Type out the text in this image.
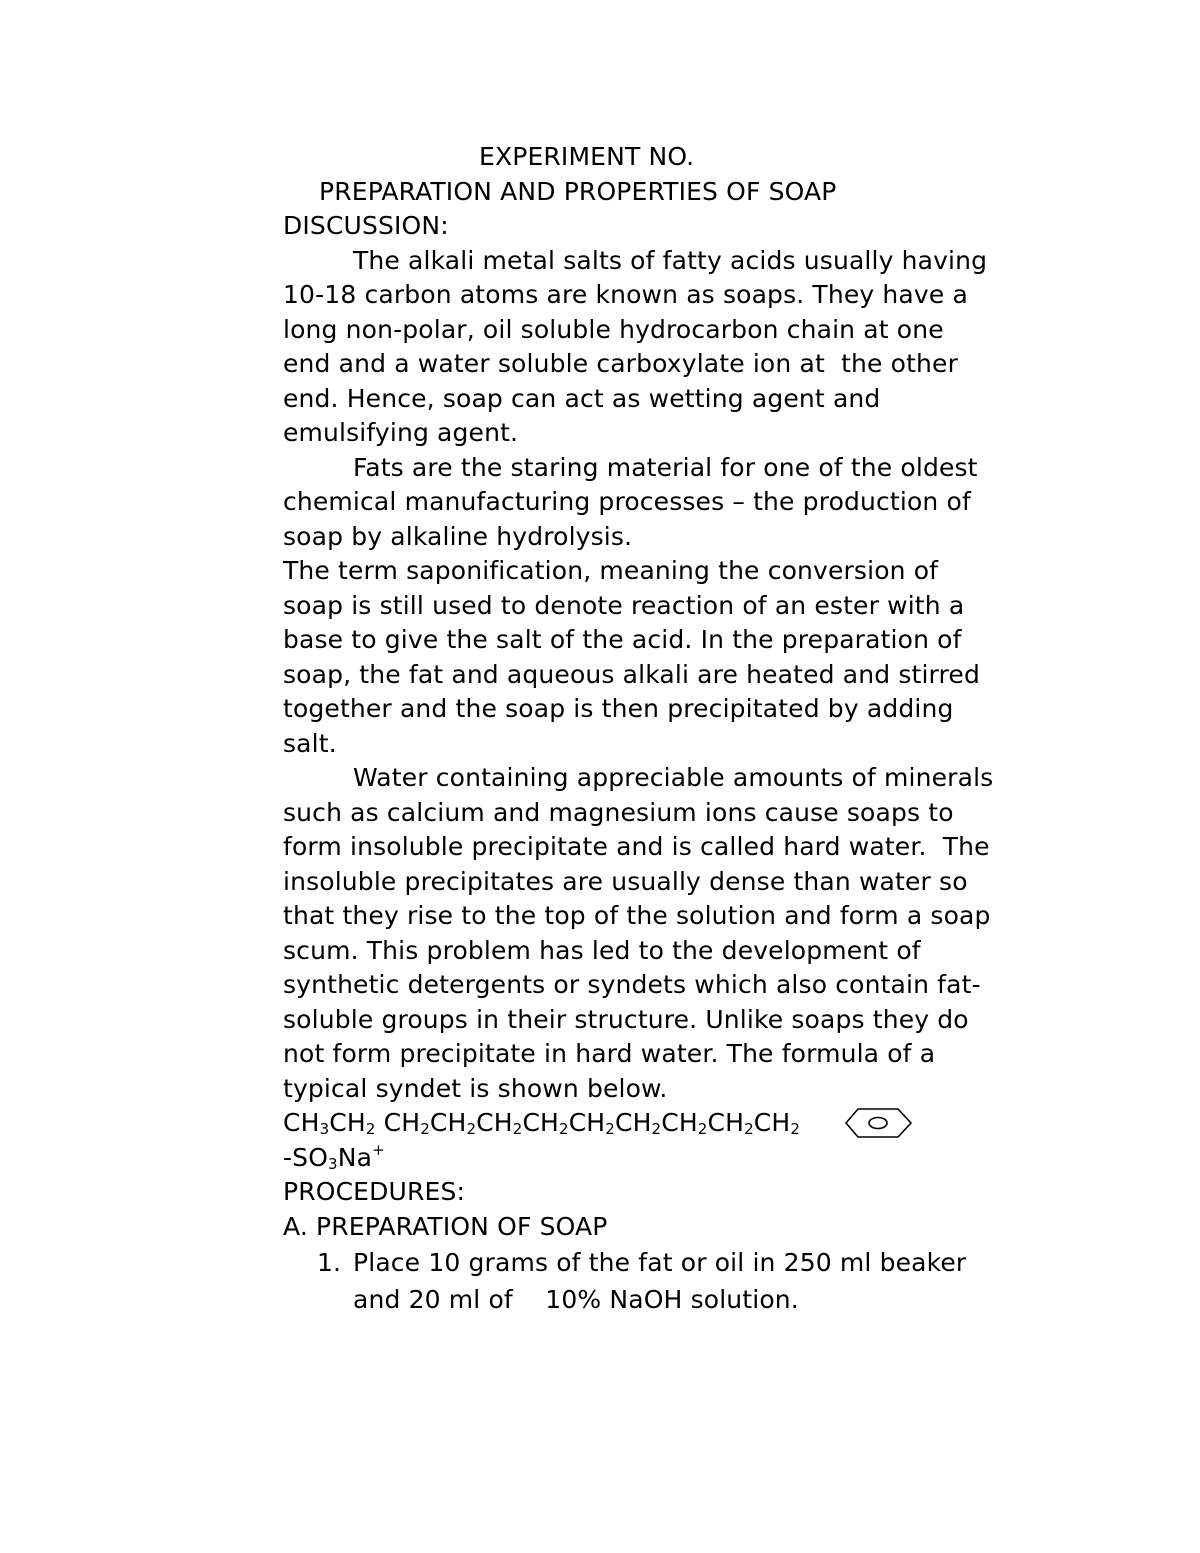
EXPERIMENT NO.
PREPARATION AND PROPERTIES OF SOAP
DISCUSSION:
The alkali metal salts of fatty acids usually having
10-18 carbon atoms are known as soaps. They have a
long non-polar, oil soluble hydrocarbon chain at one
end and a water soluble carboxylate ion at  the other
end. Hence, soap can act as wetting agent and
emulsifying agent.
Fats are the staring material for one of the oldest
chemical manufacturing processes – the production of
soap by alkaline hydrolysis.
The term saponification, meaning the conversion of
soap is still used to denote reaction of an ester with a
base to give the salt of the acid. In the preparation of
soap, the fat and aqueous alkali are heated and stirred
together and the soap is then precipitated by adding
salt.
Water containing appreciable amounts of minerals
such as calcium and magnesium ions cause soaps to
form insoluble precipitate and is called hard water.  The
insoluble precipitates are usually dense than water so
that they rise to the top of the solution and form a soap
scum. This problem has led to the development of
synthetic detergents or syndets which also contain fat-
soluble groups in their structure. Unlike soaps they do
not form precipitate in hard water. The formula of a
typical syndet is shown below.
$CH_3CH_2$ $CH_2CH_2CH_2CH_2CH_2CH_2CH_2CH_2CH_2$
$-SO_3Na^+$
PROCEDURES:
A. PREPARATION OF SOAP
1. Place 10 grams of the fat or oil in 250 ml beaker
and 20 ml of    10% NaOH solution.
